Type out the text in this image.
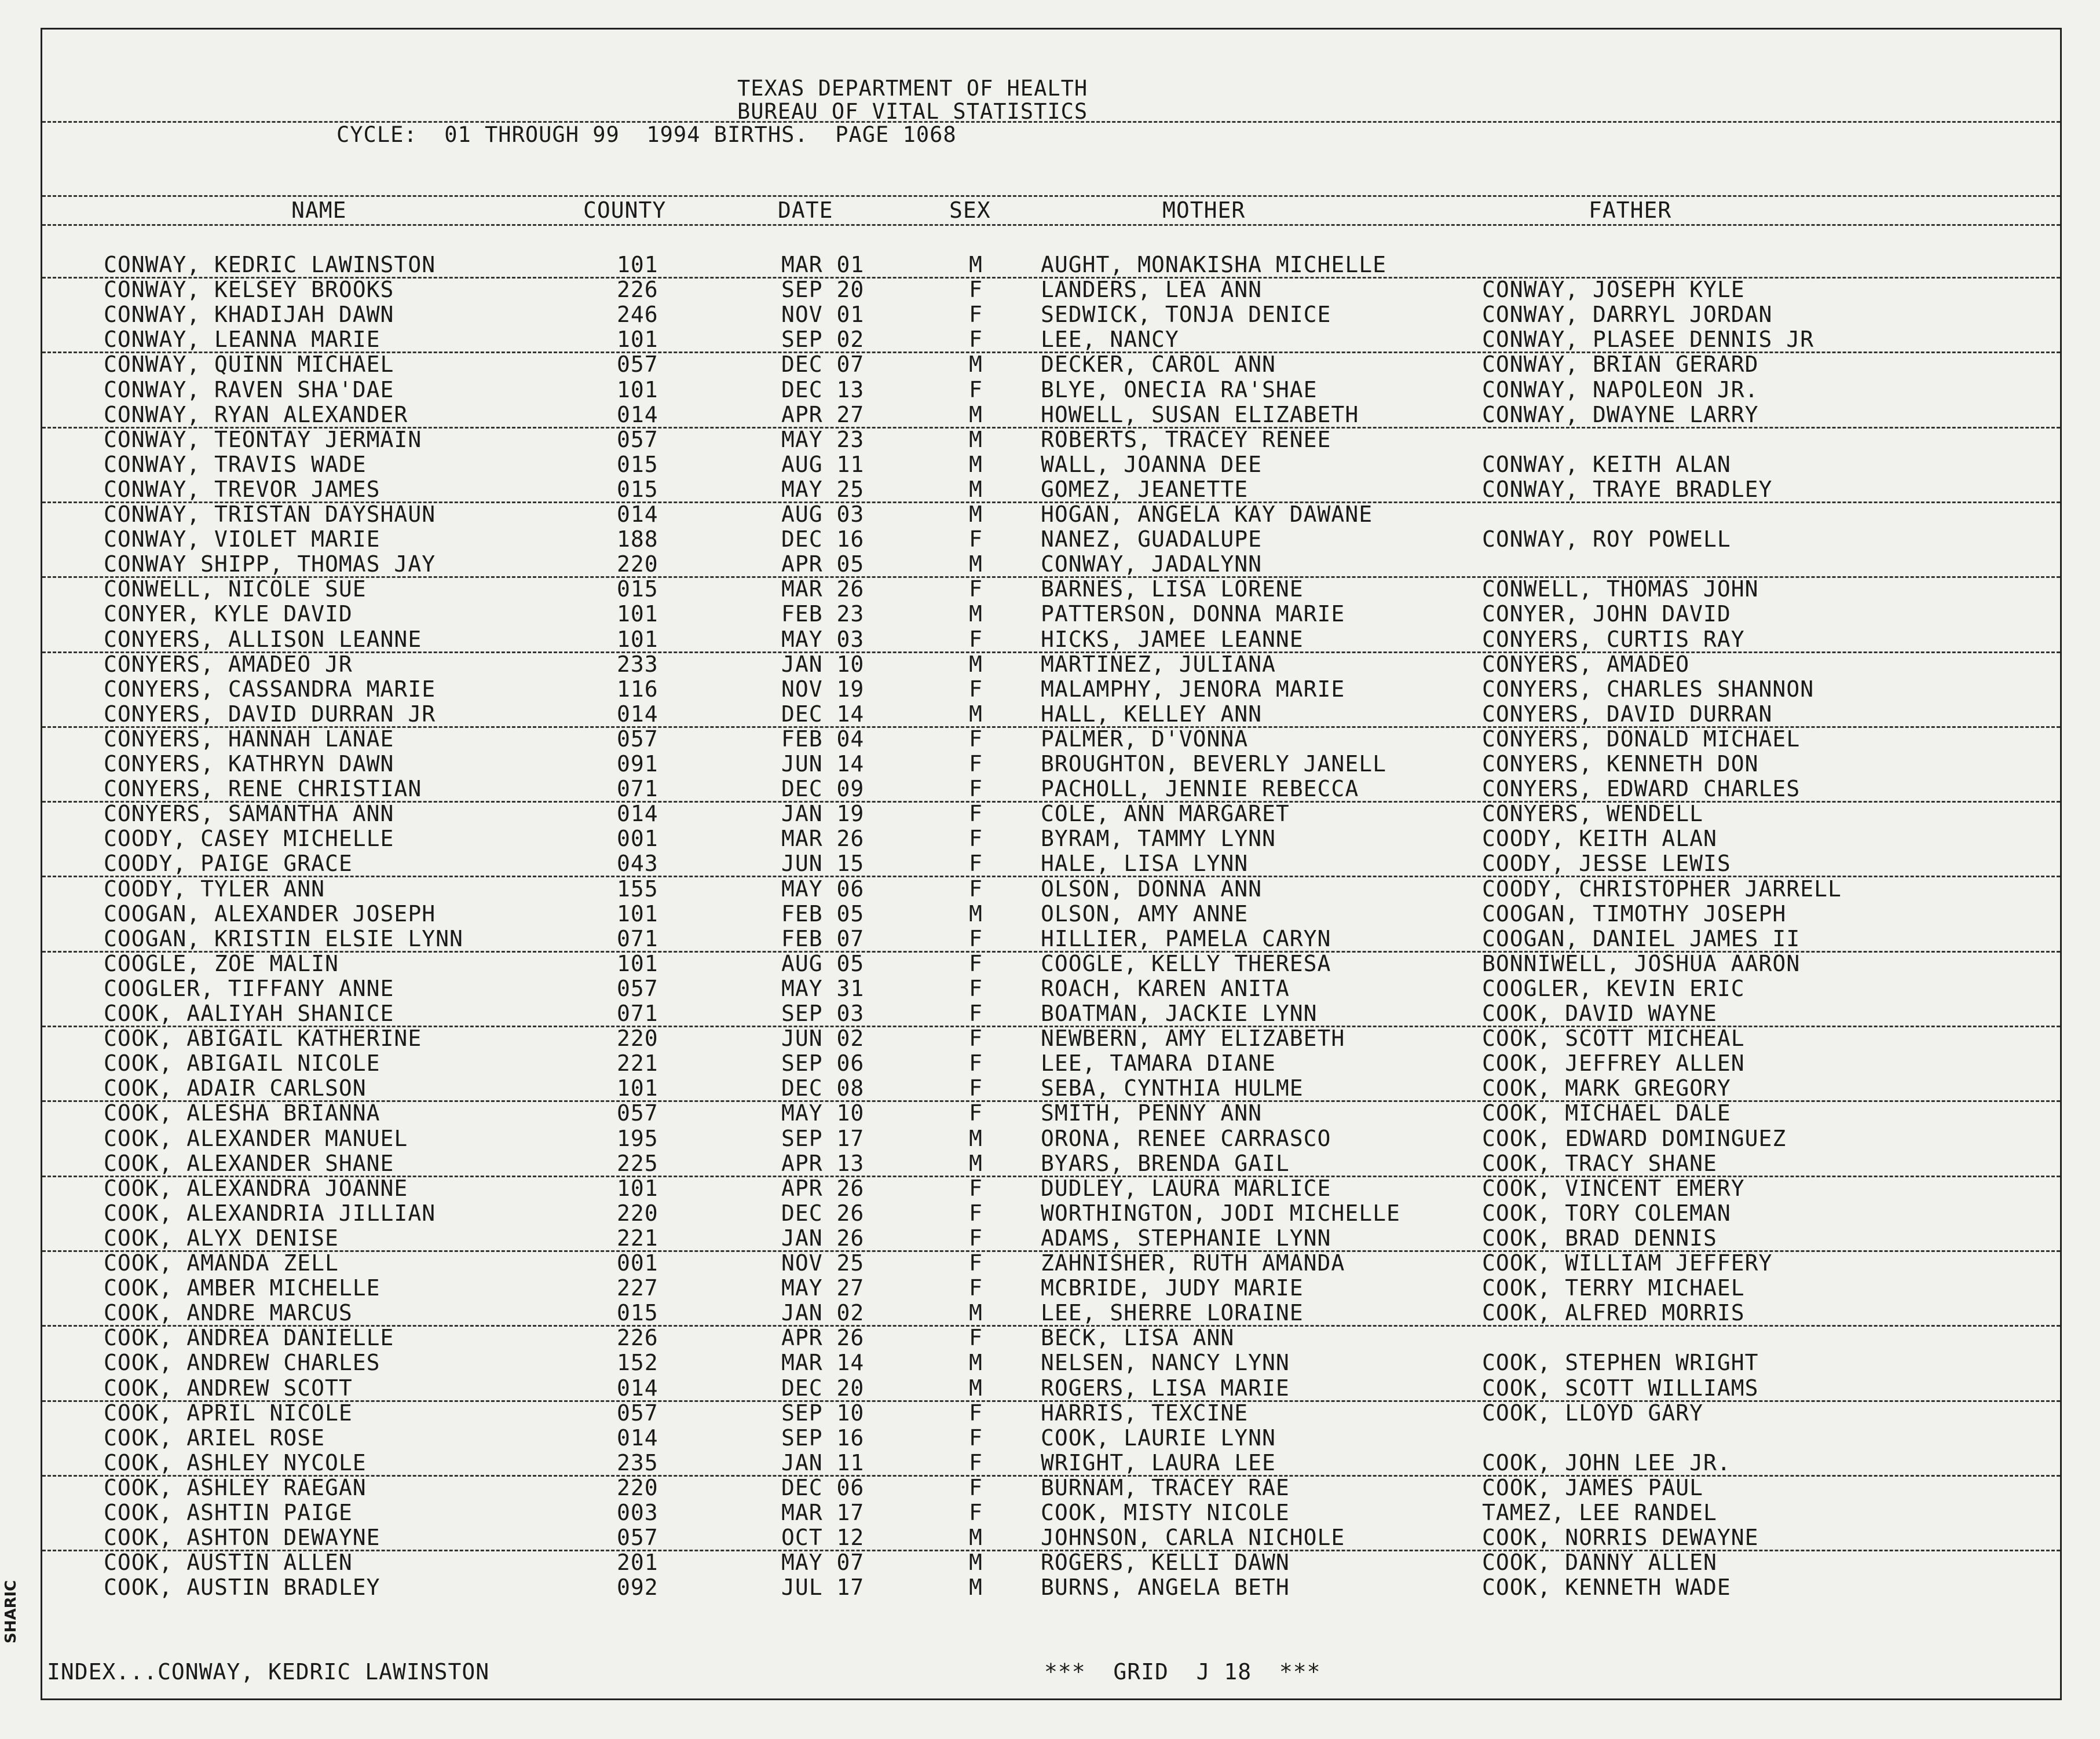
TEXAS DEPARTMENT OF HEALTH
BUREAU OF VITAL STATISTICS
CYCLE:  01 THROUGH 99  1994 BIRTHS.  PAGE 1068
NAME	COUNTY	DATE	SEX	MOTHER	FATHER
CONWAY, KEDRIC LAWINSTON	101	MAR 01	M	AUGHT, MONAKISHA MICHELLE
CONWAY, KELSEY BROOKS	226	SEP 20	F	LANDERS, LEA ANN	CONWAY, JOSEPH KYLE
CONWAY, KHADIJAH DAWN	246	NOV 01	F	SEDWICK, TONJA DENICE	CONWAY, DARRYL JORDAN
CONWAY, LEANNA MARIE	101	SEP 02	F	LEE, NANCY	CONWAY, PLASEE DENNIS JR
CONWAY, QUINN MICHAEL	057	DEC 07	M	DECKER, CAROL ANN	CONWAY, BRIAN GERARD
CONWAY, RAVEN SHA'DAE	101	DEC 13	F	BLYE, ONECIA RA'SHAE	CONWAY, NAPOLEON JR.
CONWAY, RYAN ALEXANDER	014	APR 27	M	HOWELL, SUSAN ELIZABETH	CONWAY, DWAYNE LARRY
CONWAY, TEONTAY JERMAIN	057	MAY 23	M	ROBERTS, TRACEY RENEE
CONWAY, TRAVIS WADE	015	AUG 11	M	WALL, JOANNA DEE	CONWAY, KEITH ALAN
CONWAY, TREVOR JAMES	015	MAY 25	M	GOMEZ, JEANETTE	CONWAY, TRAYE BRADLEY
CONWAY, TRISTAN DAYSHAUN	014	AUG 03	M	HOGAN, ANGELA KAY DAWANE
CONWAY, VIOLET MARIE	188	DEC 16	F	NANEZ, GUADALUPE	CONWAY, ROY POWELL
CONWAY SHIPP, THOMAS JAY	220	APR 05	M	CONWAY, JADALYNN
CONWELL, NICOLE SUE	015	MAR 26	F	BARNES, LISA LORENE	CONWELL, THOMAS JOHN
CONYER, KYLE DAVID	101	FEB 23	M	PATTERSON, DONNA MARIE	CONYER, JOHN DAVID
CONYERS, ALLISON LEANNE	101	MAY 03	F	HICKS, JAMEE LEANNE	CONYERS, CURTIS RAY
CONYERS, AMADEO JR	233	JAN 10	M	MARTINEZ, JULIANA	CONYERS, AMADEO
CONYERS, CASSANDRA MARIE	116	NOV 19	F	MALAMPHY, JENORA MARIE	CONYERS, CHARLES SHANNON
CONYERS, DAVID DURRAN JR	014	DEC 14	M	HALL, KELLEY ANN	CONYERS, DAVID DURRAN
CONYERS, HANNAH LANAE	057	FEB 04	F	PALMER, D'VONNA	CONYERS, DONALD MICHAEL
CONYERS, KATHRYN DAWN	091	JUN 14	F	BROUGHTON, BEVERLY JANELL	CONYERS, KENNETH DON
CONYERS, RENE CHRISTIAN	071	DEC 09	F	PACHOLL, JENNIE REBECCA	CONYERS, EDWARD CHARLES
CONYERS, SAMANTHA ANN	014	JAN 19	F	COLE, ANN MARGARET	CONYERS, WENDELL
COODY, CASEY MICHELLE	001	MAR 26	F	BYRAM, TAMMY LYNN	COODY, KEITH ALAN
COODY, PAIGE GRACE	043	JUN 15	F	HALE, LISA LYNN	COODY, JESSE LEWIS
COODY, TYLER ANN	155	MAY 06	F	OLSON, DONNA ANN	COODY, CHRISTOPHER JARRELL
COOGAN, ALEXANDER JOSEPH	101	FEB 05	M	OLSON, AMY ANNE	COOGAN, TIMOTHY JOSEPH
COOGAN, KRISTIN ELSIE LYNN	071	FEB 07	F	HILLIER, PAMELA CARYN	COOGAN, DANIEL JAMES II
COOGLE, ZOE MALIN	101	AUG 05	F	COOGLE, KELLY THERESA	BONNIWELL, JOSHUA AARON
COOGLER, TIFFANY ANNE	057	MAY 31	F	ROACH, KAREN ANITA	COOGLER, KEVIN ERIC
COOK, AALIYAH SHANICE	071	SEP 03	F	BOATMAN, JACKIE LYNN	COOK, DAVID WAYNE
COOK, ABIGAIL KATHERINE	220	JUN 02	F	NEWBERN, AMY ELIZABETH	COOK, SCOTT MICHEAL
COOK, ABIGAIL NICOLE	221	SEP 06	F	LEE, TAMARA DIANE	COOK, JEFFREY ALLEN
COOK, ADAIR CARLSON	101	DEC 08	F	SEBA, CYNTHIA HULME	COOK, MARK GREGORY
COOK, ALESHA BRIANNA	057	MAY 10	F	SMITH, PENNY ANN	COOK, MICHAEL DALE
COOK, ALEXANDER MANUEL	195	SEP 17	M	ORONA, RENEE CARRASCO	COOK, EDWARD DOMINGUEZ
COOK, ALEXANDER SHANE	225	APR 13	M	BYARS, BRENDA GAIL	COOK, TRACY SHANE
COOK, ALEXANDRA JOANNE	101	APR 26	F	DUDLEY, LAURA MARLICE	COOK, VINCENT EMERY
COOK, ALEXANDRIA JILLIAN	220	DEC 26	F	WORTHINGTON, JODI MICHELLE	COOK, TORY COLEMAN
COOK, ALYX DENISE	221	JAN 26	F	ADAMS, STEPHANIE LYNN	COOK, BRAD DENNIS
COOK, AMANDA ZELL	001	NOV 25	F	ZAHNISHER, RUTH AMANDA	COOK, WILLIAM JEFFERY
COOK, AMBER MICHELLE	227	MAY 27	F	MCBRIDE, JUDY MARIE	COOK, TERRY MICHAEL
COOK, ANDRE MARCUS	015	JAN 02	M	LEE, SHERRE LORAINE	COOK, ALFRED MORRIS
COOK, ANDREA DANIELLE	226	APR 26	F	BECK, LISA ANN
COOK, ANDREW CHARLES	152	MAR 14	M	NELSEN, NANCY LYNN	COOK, STEPHEN WRIGHT
COOK, ANDREW SCOTT	014	DEC 20	M	ROGERS, LISA MARIE	COOK, SCOTT WILLIAMS
COOK, APRIL NICOLE	057	SEP 10	F	HARRIS, TEXCINE	COOK, LLOYD GARY
COOK, ARIEL ROSE	014	SEP 16	F	COOK, LAURIE LYNN
COOK, ASHLEY NYCOLE	235	JAN 11	F	WRIGHT, LAURA LEE	COOK, JOHN LEE JR.
COOK, ASHLEY RAEGAN	220	DEC 06	F	BURNAM, TRACEY RAE	COOK, JAMES PAUL
COOK, ASHTIN PAIGE	003	MAR 17	F	COOK, MISTY NICOLE	TAMEZ, LEE RANDEL
COOK, ASHTON DEWAYNE	057	OCT 12	M	JOHNSON, CARLA NICHOLE	COOK, NORRIS DEWAYNE
COOK, AUSTIN ALLEN	201	MAY 07	M	ROGERS, KELLI DAWN	COOK, DANNY ALLEN
COOK, AUSTIN BRADLEY	092	JUL 17	M	BURNS, ANGELA BETH	COOK, KENNETH WADE
INDEX...CONWAY, KEDRIC LAWINSTON	***  GRID  J 18  ***
SHARIC
